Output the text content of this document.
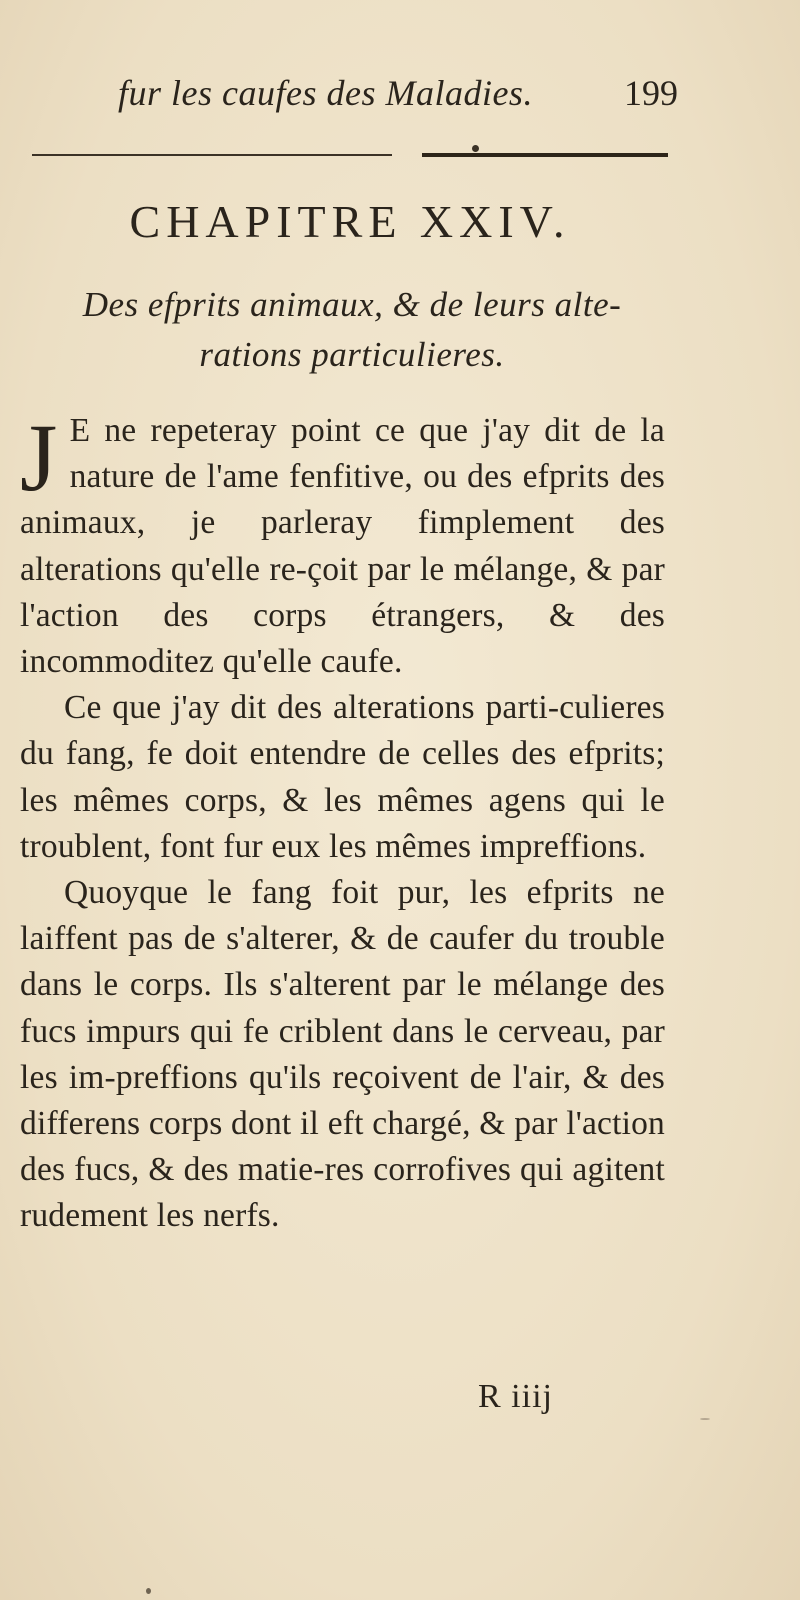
fur les caufes des Maladies.	199
CHAPITRE XXIV.
Des efprits animaux, & de leurs alte-
rations particulieres.

J E ne repeteray point ce que j'ay dit de la nature de l'ame fenfitive, ou des efprits des animaux, je parleray fimplement des alterations qu'elle re-çoit par le mélange, & par l'action des corps étrangers, & des incommoditez qu'elle caufe.

Ce que j'ay dit des alterations parti-culieres du fang, fe doit entendre de celles des efprits; les mêmes corps, & les mêmes agens qui le troublent, font fur eux les mêmes impreffions.

Quoyque le fang foit pur, les efprits ne laiffent pas de s'alterer, & de caufer du trouble dans le corps. Ils s'alterent par le mélange des fucs impurs qui fe criblent dans le cerveau, par les im-preffions qu'ils reçoivent de l'air, & des differens corps dont il eft chargé, & par l'action des fucs, & des matie-res corrofives qui agitent rudement les nerfs.

R iiij
